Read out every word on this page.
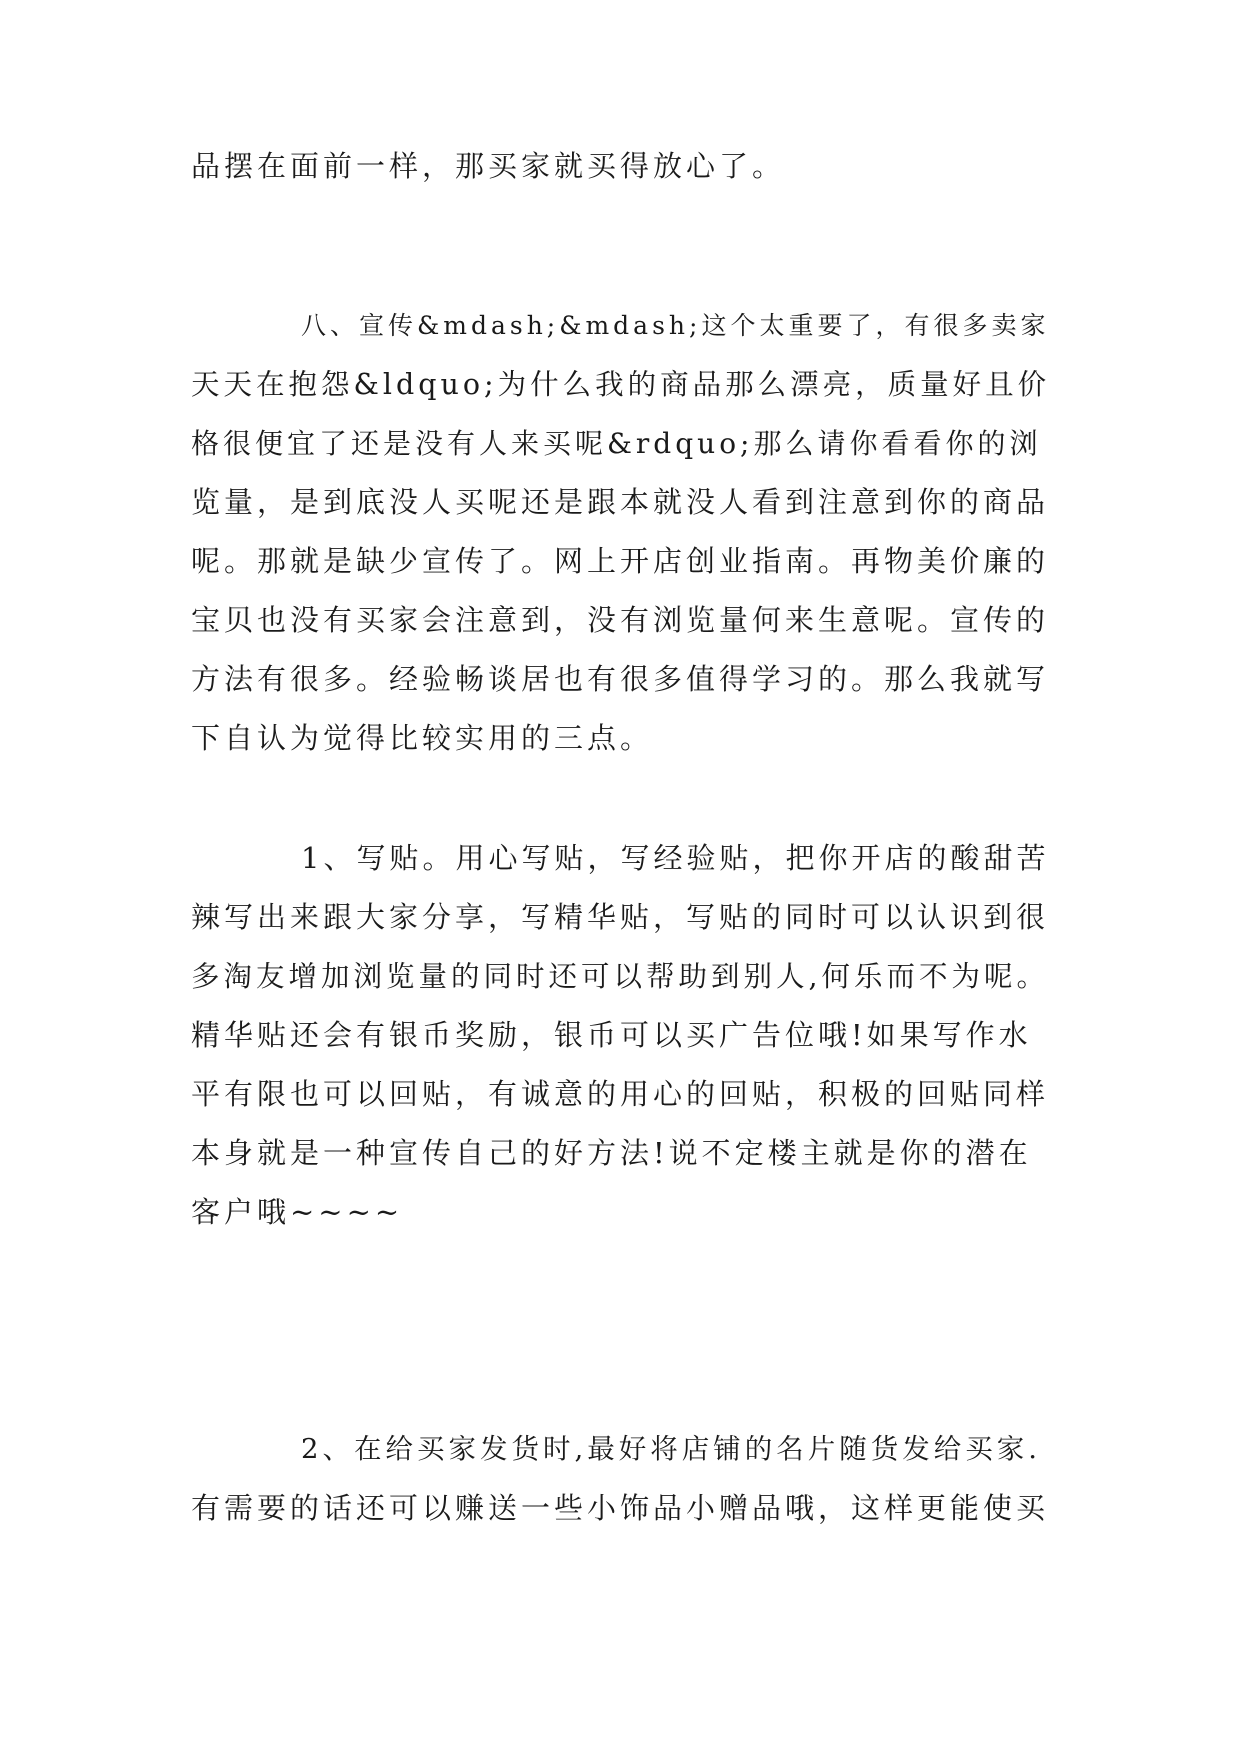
品摆在面前一样，那买家就买得放心了。
八、宣传&mdash;&mdash;这个太重要了，有很多卖家
天天在抱怨&ldquo;为什么我的商品那么漂亮，质量好且价
格很便宜了还是没有人来买呢&rdquo;那么请你看看你的浏
览量，是到底没人买呢还是跟本就没人看到注意到你的商品
呢。那就是缺少宣传了。网上开店创业指南。再物美价廉的
宝贝也没有买家会注意到，没有浏览量何来生意呢。宣传的
方法有很多。经验畅谈居也有很多值得学习的。那么我就写
下自认为觉得比较实用的三点。
1、写贴。用心写贴，写经验贴，把你开店的酸甜苦
辣写出来跟大家分享，写精华贴，写贴的同时可以认识到很
多淘友增加浏览量的同时还可以帮助到别人,何乐而不为呢。
精华贴还会有银币奖励，银币可以买广告位哦!如果写作水
平有限也可以回贴，有诚意的用心的回贴，积极的回贴同样
本身就是一种宣传自己的好方法!说不定楼主就是你的潜在
客户哦~~~~
2、在给买家发货时,最好将店铺的名片随货发给买家.
有需要的话还可以赚送一些小饰品小赠品哦，这样更能使买
